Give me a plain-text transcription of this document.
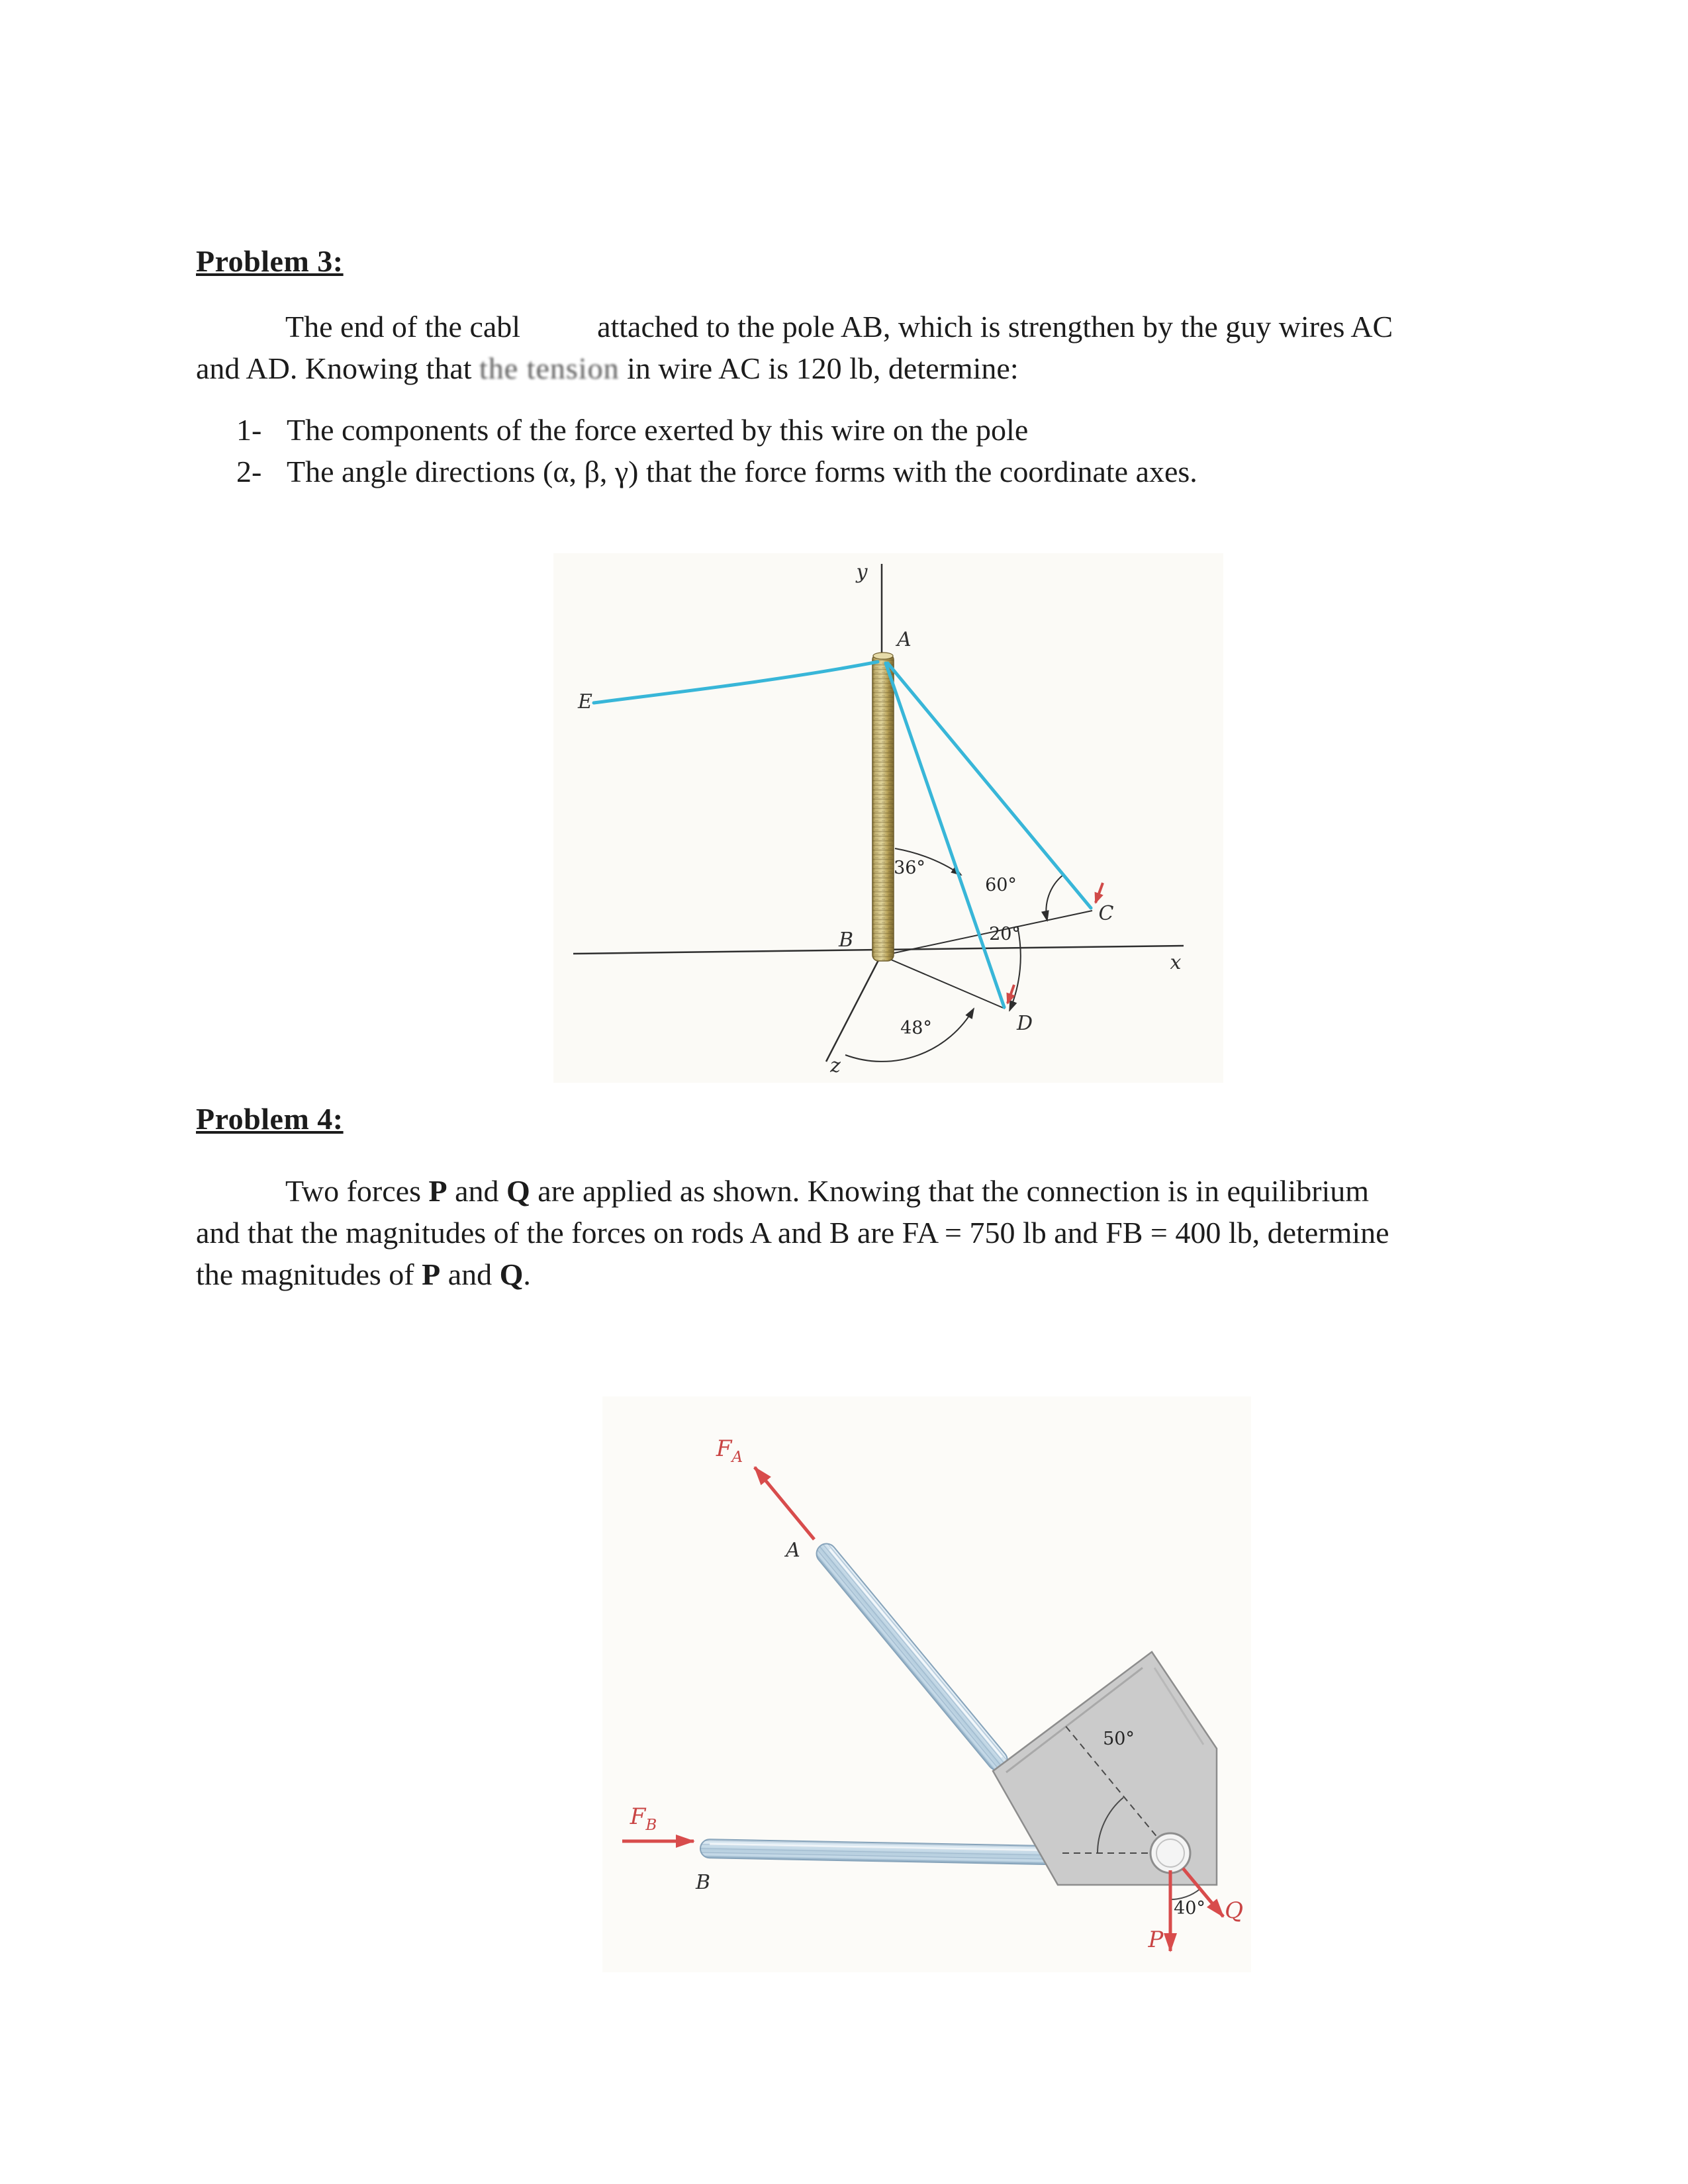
Problem 3:

The end of the cabl	attached to the pole AB, which is strengthen by the guy wires AC and AD. Knowing that the tension in wire AC is 120 lb, determine:

1- The components of the force exerted by this wire on the pole
2- The angle directions (α, β, γ) that the force forms with the coordinate axes.
y
x
z
A
B
C
D
E
36°
60°
20°
48°
Problem 4:

Two forces P and Q are applied as shown. Knowing that the connection is in equilibrium and that the magnitudes of the forces on rods A and B are FA = 750 lb and FB = 400 lb, determine the magnitudes of P and Q.

$F_A$
$F_B$
P
Q
A
B
50°
40°
